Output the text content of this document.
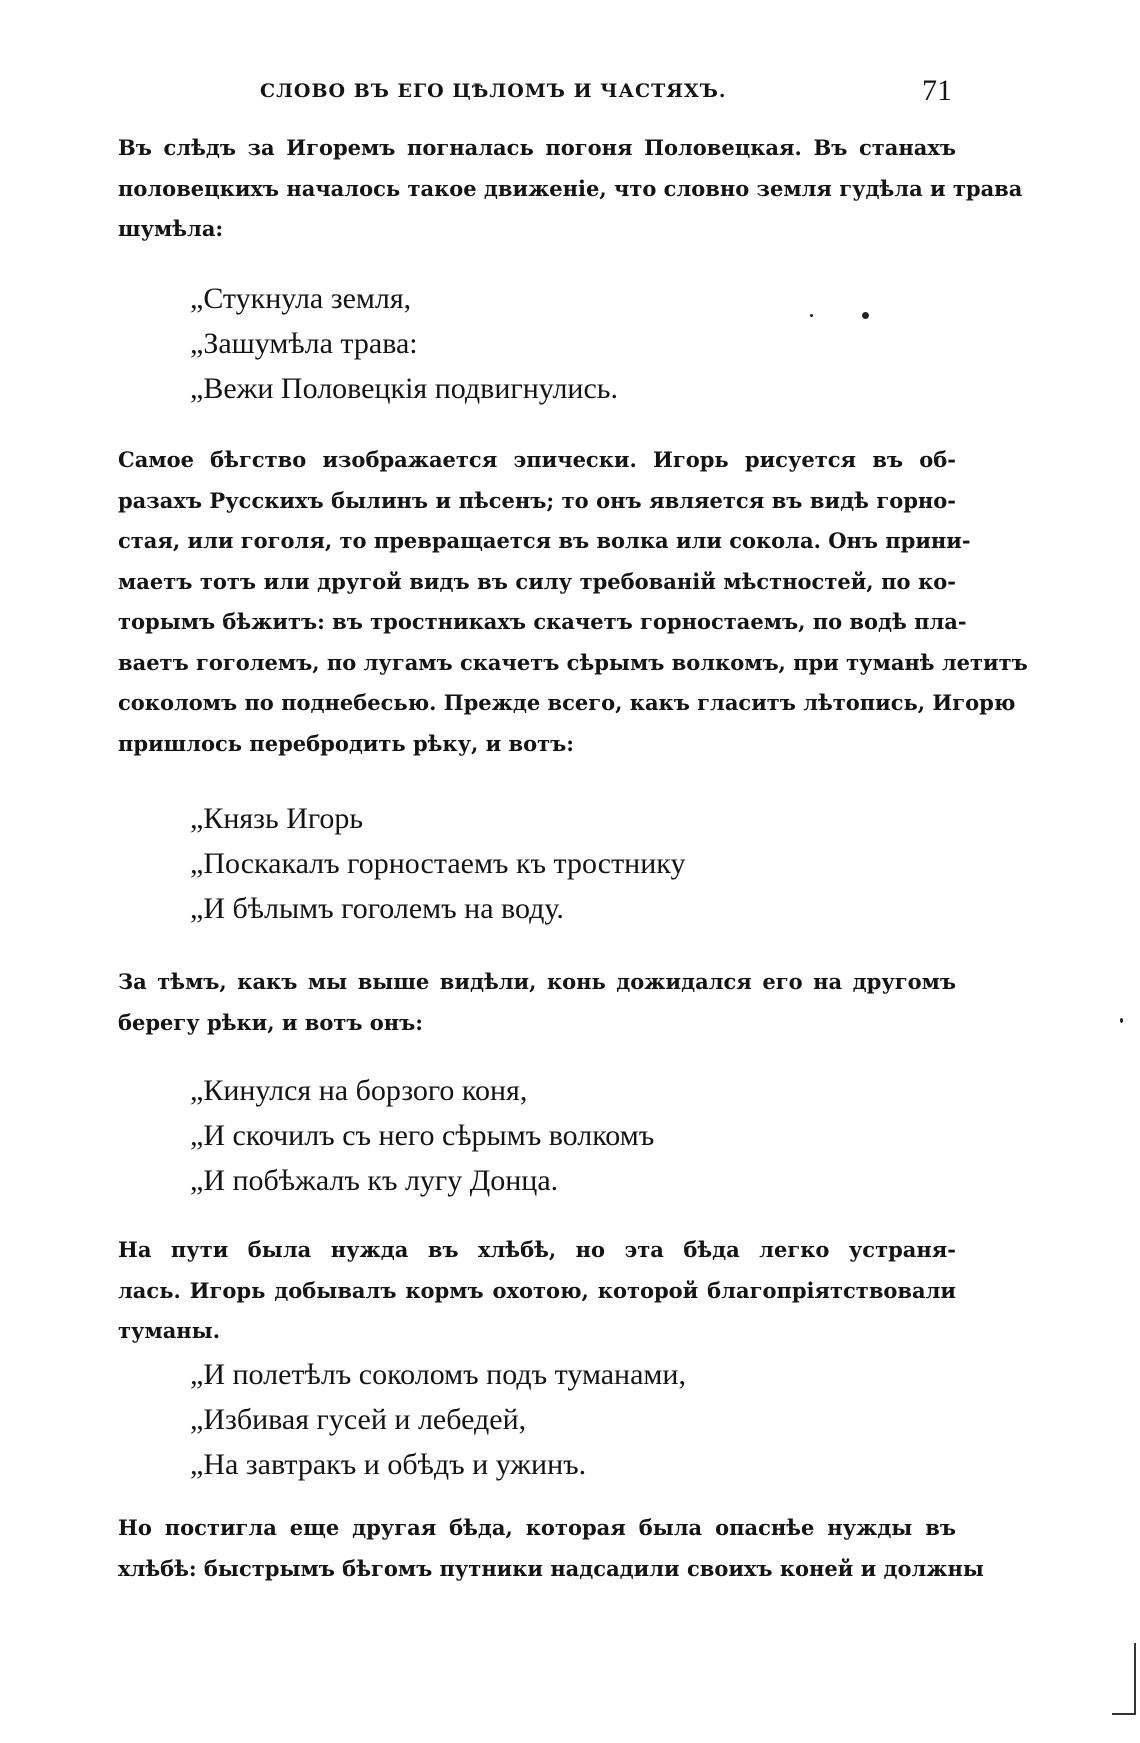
СЛОВО ВЪ ЕГО ЦѢЛОМЪ И ЧАСТЯХЪ.	71
Въ слѣдъ за Игоремъ погналась погоня Половецкая. Въ станахъ
половецкихъ началось такое движеніе, что словно земля гудѣла и трава
шумѣла:
„Стукнула земля,
„Зашумѣла трава:
„Вежи Половецкія подвигнулись.
Самое бѣгство изображается эпически. Игорь рисуется въ об-
разахъ Русскихъ былинъ и пѣсенъ; то онъ является въ видѣ горно-
стая, или гоголя, то превращается въ волка или сокола. Онъ прини-
маетъ тотъ или другой видъ въ силу требованій мѣстностей, по ко-
торымъ бѣжитъ: въ тростникахъ скачетъ горностаемъ, по водѣ пла-
ваетъ гоголемъ, по лугамъ скачетъ сѣрымъ волкомъ, при туманѣ летитъ
соколомъ по поднебесью. Прежде всего, какъ гласитъ лѣтопись, Игорю
пришлось перебродить рѣку, и вотъ:
„Князь Игорь
„Поскакалъ горностаемъ къ тростнику
„И бѣлымъ гоголемъ на воду.
За тѣмъ, какъ мы выше видѣли, конь дожидался его на другомъ
берегу рѣки, и вотъ онъ:
„Кинулся на борзого коня,
„И скочилъ съ него сѣрымъ волкомъ
„И побѣжалъ къ лугу Донца.
На пути была нужда въ хлѣбѣ, но эта бѣда легко устраня-
лась. Игорь добывалъ кормъ охотою, которой благопріятствовали
туманы.
„И полетѣлъ соколомъ подъ туманами,
„Избивая гусей и лебедей,
„На завтракъ и обѣдъ и ужинъ.
Но постигла еще другая бѣда, которая была опаснѣе нужды въ
хлѣбѣ: быстрымъ бѣгомъ путники надсадили своихъ коней и должны
